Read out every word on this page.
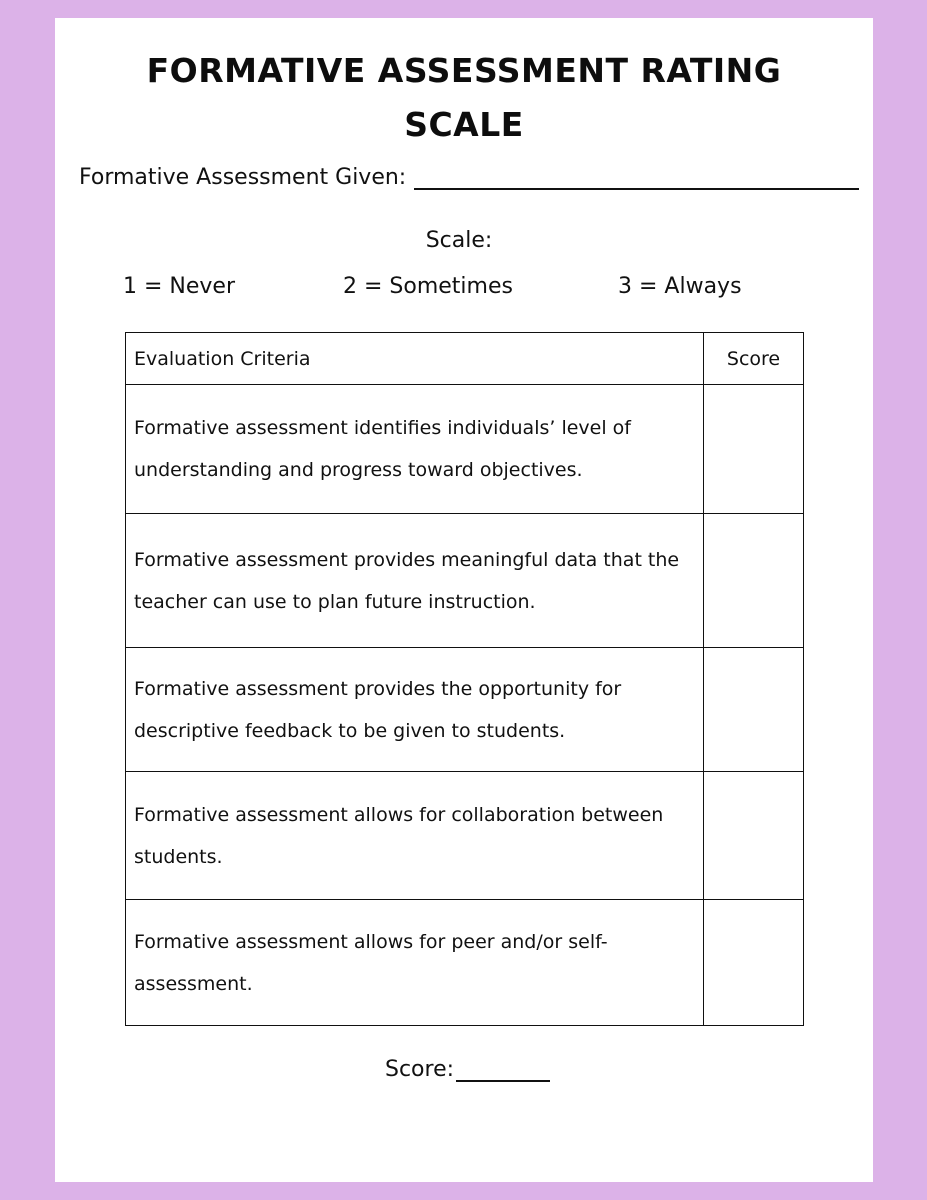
FORMATIVE ASSESSMENT RATING
SCALE
Formative Assessment Given:
Scale:
1 = Never	2 = Sometimes	3 = Always
Evaluation Criteria	Score
Formative assessment identifies individuals’ level of understanding and progress toward objectives.	
Formative assessment provides meaningful data that the teacher can use to plan future instruction.	
Formative assessment provides the opportunity for descriptive feedback to be given to students.	
Formative assessment allows for collaboration between students.	
Formative assessment allows for peer and/or self-assessment.	
Score:
